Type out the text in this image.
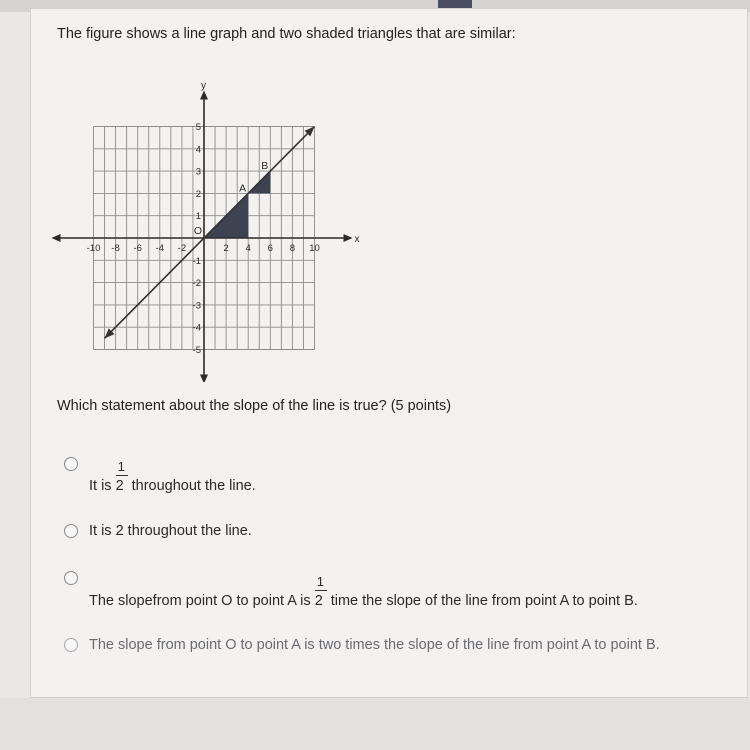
The figure shows a line graph and two shaded triangles that are similar:
x
y
-10 -8 -6 -4 -2	2 4 6 8 10
5
4
3
2
1
-1
-2
-3
-4
-5
O
A
B
Which statement about the slope of the line is true? (5 points)
It is $\frac{1}{2}$ throughout the line.
It is 2 throughout the line.
The slopefrom point O to point A is $\frac{1}{2}$ time the slope of the line from point A to point B.
The slope from point O to point A is two times the slope of the line from point A to point B.
